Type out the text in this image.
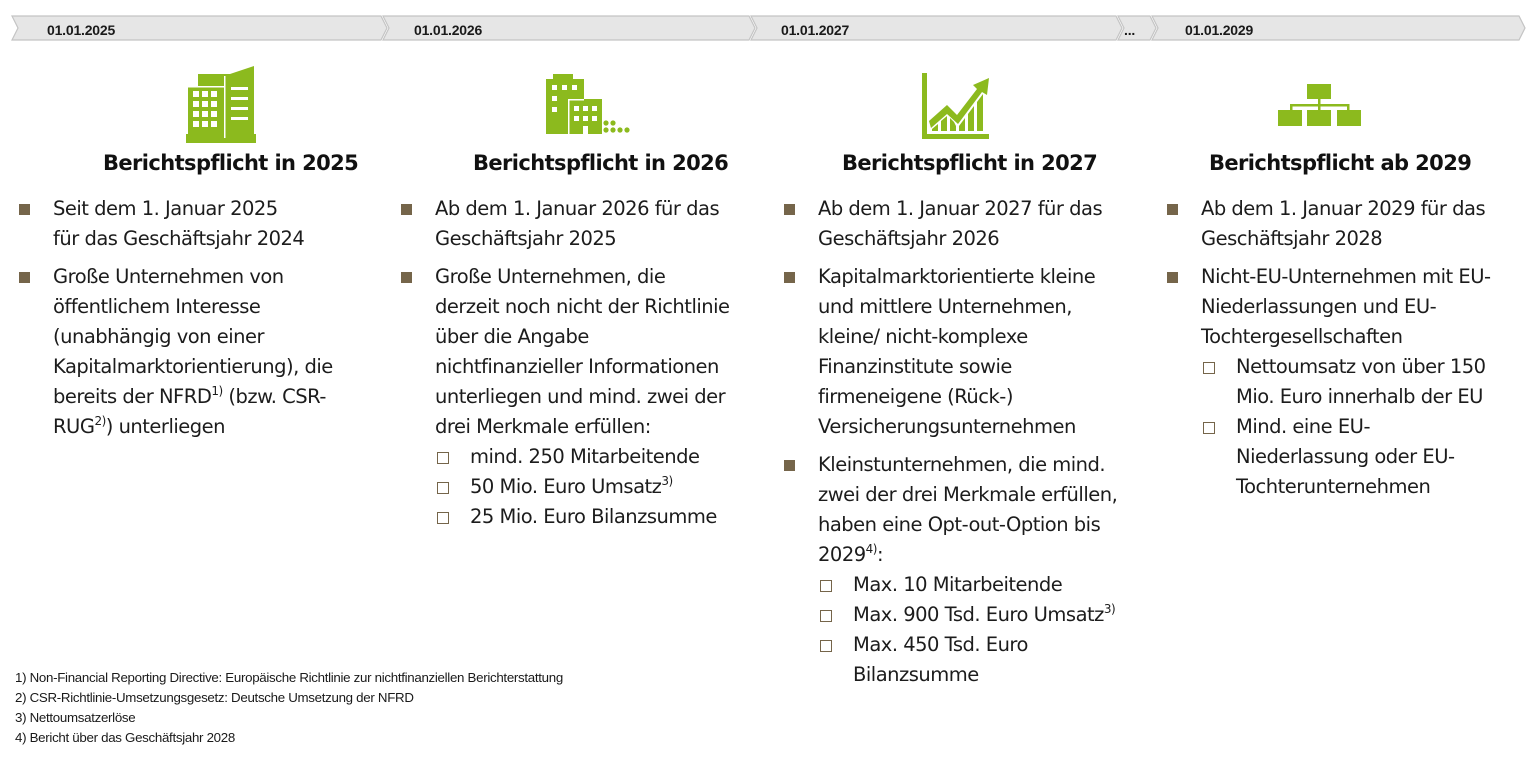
01.01.2025	01.01.2026	01.01.2027	...	01.01.2029
Berichtspflicht in 2025
Seit dem 1. Januar 2025
für das Geschäftsjahr 2024
Große Unternehmen von
öffentlichem Interesse
(unabhängig von einer
Kapitalmarktorientierung), die
bereits der NFRD$^{1)}$ (bzw. CSR-
RUG$^{2)}$) unterliegen
Berichtspflicht in 2026
Ab dem 1. Januar 2026 für das
Geschäftsjahr 2025
Große Unternehmen, die
derzeit noch nicht der Richtlinie
über die Angabe
nichtfinanzieller Informationen
unterliegen und mind. zwei der
drei Merkmale erfüllen:
mind. 250 Mitarbeitende
50 Mio. Euro Umsatz$^{3)}$
25 Mio. Euro Bilanzsumme
Berichtspflicht in 2027
Ab dem 1. Januar 2027 für das
Geschäftsjahr 2026
Kapitalmarktorientierte kleine
und mittlere Unternehmen,
kleine/ nicht-komplexe
Finanzinstitute sowie
firmeneigene (Rück-)
Versicherungsunternehmen
Kleinstunternehmen, die mind.
zwei der drei Merkmale erfüllen,
haben eine Opt-out-Option bis
2029$^{4)}$:
Max. 10 Mitarbeitende
Max. 900 Tsd. Euro Umsatz$^{3)}$
Max. 450 Tsd. Euro
Bilanzsumme
Berichtspflicht ab 2029
Ab dem 1. Januar 2029 für das
Geschäftsjahr 2028
Nicht-EU-Unternehmen mit EU-
Niederlassungen und EU-
Tochtergesellschaften
Nettoumsatz von über 150
Mio. Euro innerhalb der EU
Mind. eine EU-
Niederlassung oder EU-
Tochterunternehmen
1) Non-Financial Reporting Directive: Europäische Richtlinie zur nichtfinanziellen Berichterstattung
2) CSR-Richtlinie-Umsetzungsgesetz: Deutsche Umsetzung der NFRD
3) Nettoumsatzerlöse
4) Bericht über das Geschäftsjahr 2028
